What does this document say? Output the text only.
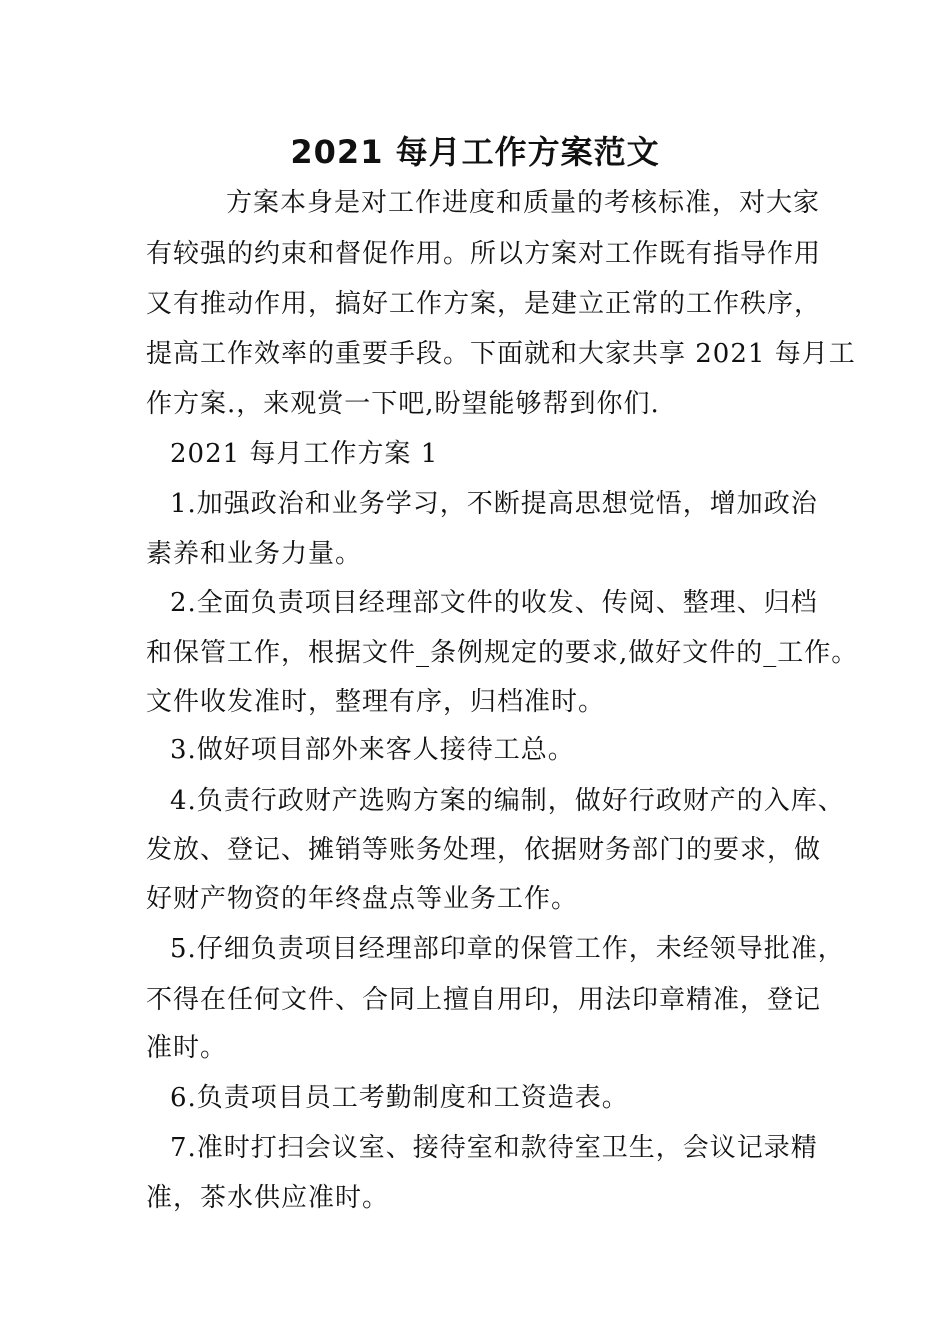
2021 每月工作方案范文
方案本身是对工作进度和质量的考核标准，对大家
有较强的约束和督促作用。所以方案对工作既有指导作用
又有推动作用，搞好工作方案，是建立正常的工作秩序，
提高工作效率的重要手段。下面就和大家共享 2021 每月工
作方案.，来观赏一下吧,盼望能够帮到你们.
2021 每月工作方案 1
1.加强政治和业务学习，不断提高思想觉悟，增加政治
素养和业务力量。
2.全面负责项目经理部文件的收发、传阅、整理、归档
和保管工作，根据文件_条例规定的要求,做好文件的_工作。
文件收发准时，整理有序，归档准时。
3.做好项目部外来客人接待工总。
4.负责行政财产选购方案的编制，做好行政财产的入库、
发放、登记、摊销等账务处理，依据财务部门的要求，做
好财产物资的年终盘点等业务工作。
5.仔细负责项目经理部印章的保管工作，未经领导批准，
不得在任何文件、合同上擅自用印，用法印章精准，登记
准时。
6.负责项目员工考勤制度和工资造表。
7.准时打扫会议室、接待室和款待室卫生，会议记录精
准，茶水供应准时。
